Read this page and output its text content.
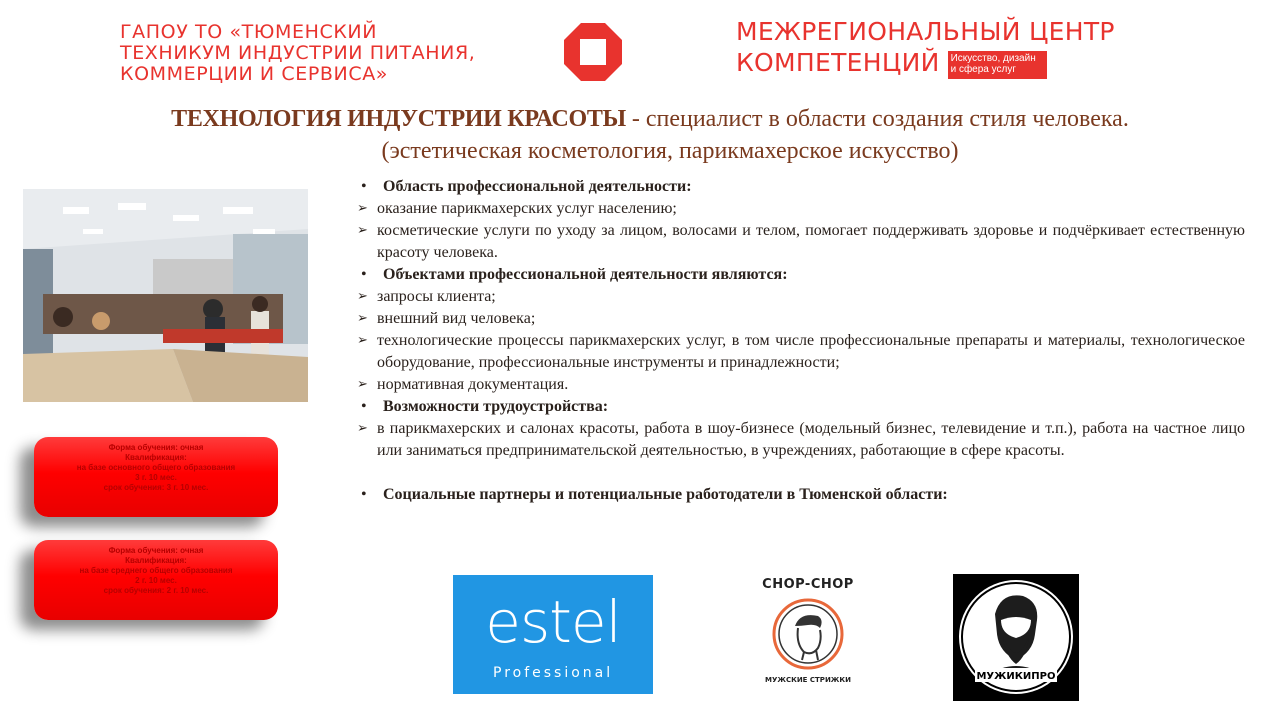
ГАПОУ ТО «ТЮМЕНСКИЙ
ТЕХНИКУМ ИНДУСТРИИ ПИТАНИЯ,
КОММЕРЦИИ И СЕРВИСА»
МЕЖРЕГИОНАЛЬНЫЙ ЦЕНТР
КОМПЕТЕНЦИЙ	Искусство, дизайн и сфера услуг
ТЕХНОЛОГИЯ ИНДУСТРИИ КРАСОТЫ - специалист в области создания стиля человека.
(эстетическая косметология, парикмахерское искусство)
Форма обучения: очная
Квалификация:
на базе основного общего образования
3 г. 10 мес.
срок обучения: 3 г. 10 мес.
Форма обучения: очная
Квалификация:
на базе среднего общего образования
2 г. 10 мес.
срок обучения: 2 г. 10 мес.
• Область профессиональной деятельности:
➢ оказание парикмахерских услуг населению;
➢ косметические услуги по уходу за лицом, волосами и телом, помогает поддерживать здоровье и подчёркивает естественную красоту человека.
• Объектами профессиональной деятельности являются:
➢ запросы клиента;
➢ внешний вид человека;
➢ технологические процессы парикмахерских услуг, в том числе профессиональные препараты и материалы, технологическое оборудование, профессиональные инструменты и принадлежности;
➢ нормативная документация.
• Возможности трудоустройства:
➢ в парикмахерских и салонах красоты, работа в шоу-бизнесе (модельный бизнес, телевидение и т.п.), работа на частное лицо или заниматься предпринимательской деятельностью, в учреждениях, работающие в сфере красоты.
• Социальные партнеры и потенциальные работодатели в Тюменской области:
estel
Professional
CHOP-CHOP
МУЖСКИЕ СТРИЖКИ	МУЖИКИПРО
